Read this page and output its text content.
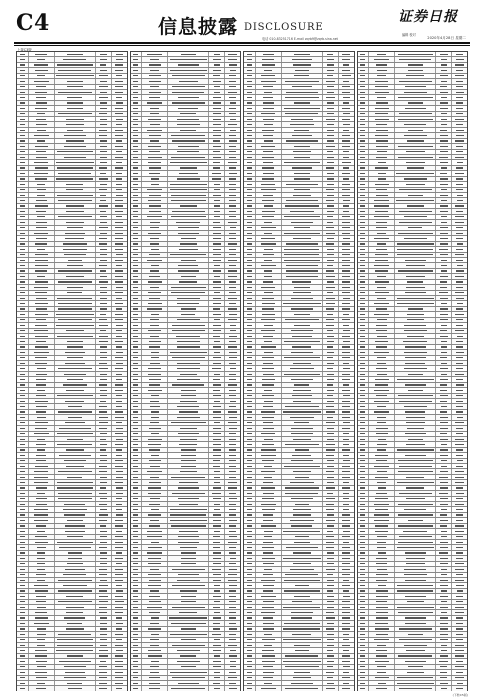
C4	信息披露 DISCLOSURE
证券日报
编辑 校对
电话 010-83251716 E-mail zqrb9@zqrb.sina.net	2020年4月28日 星期二
上接C3版
(下转C5版)
